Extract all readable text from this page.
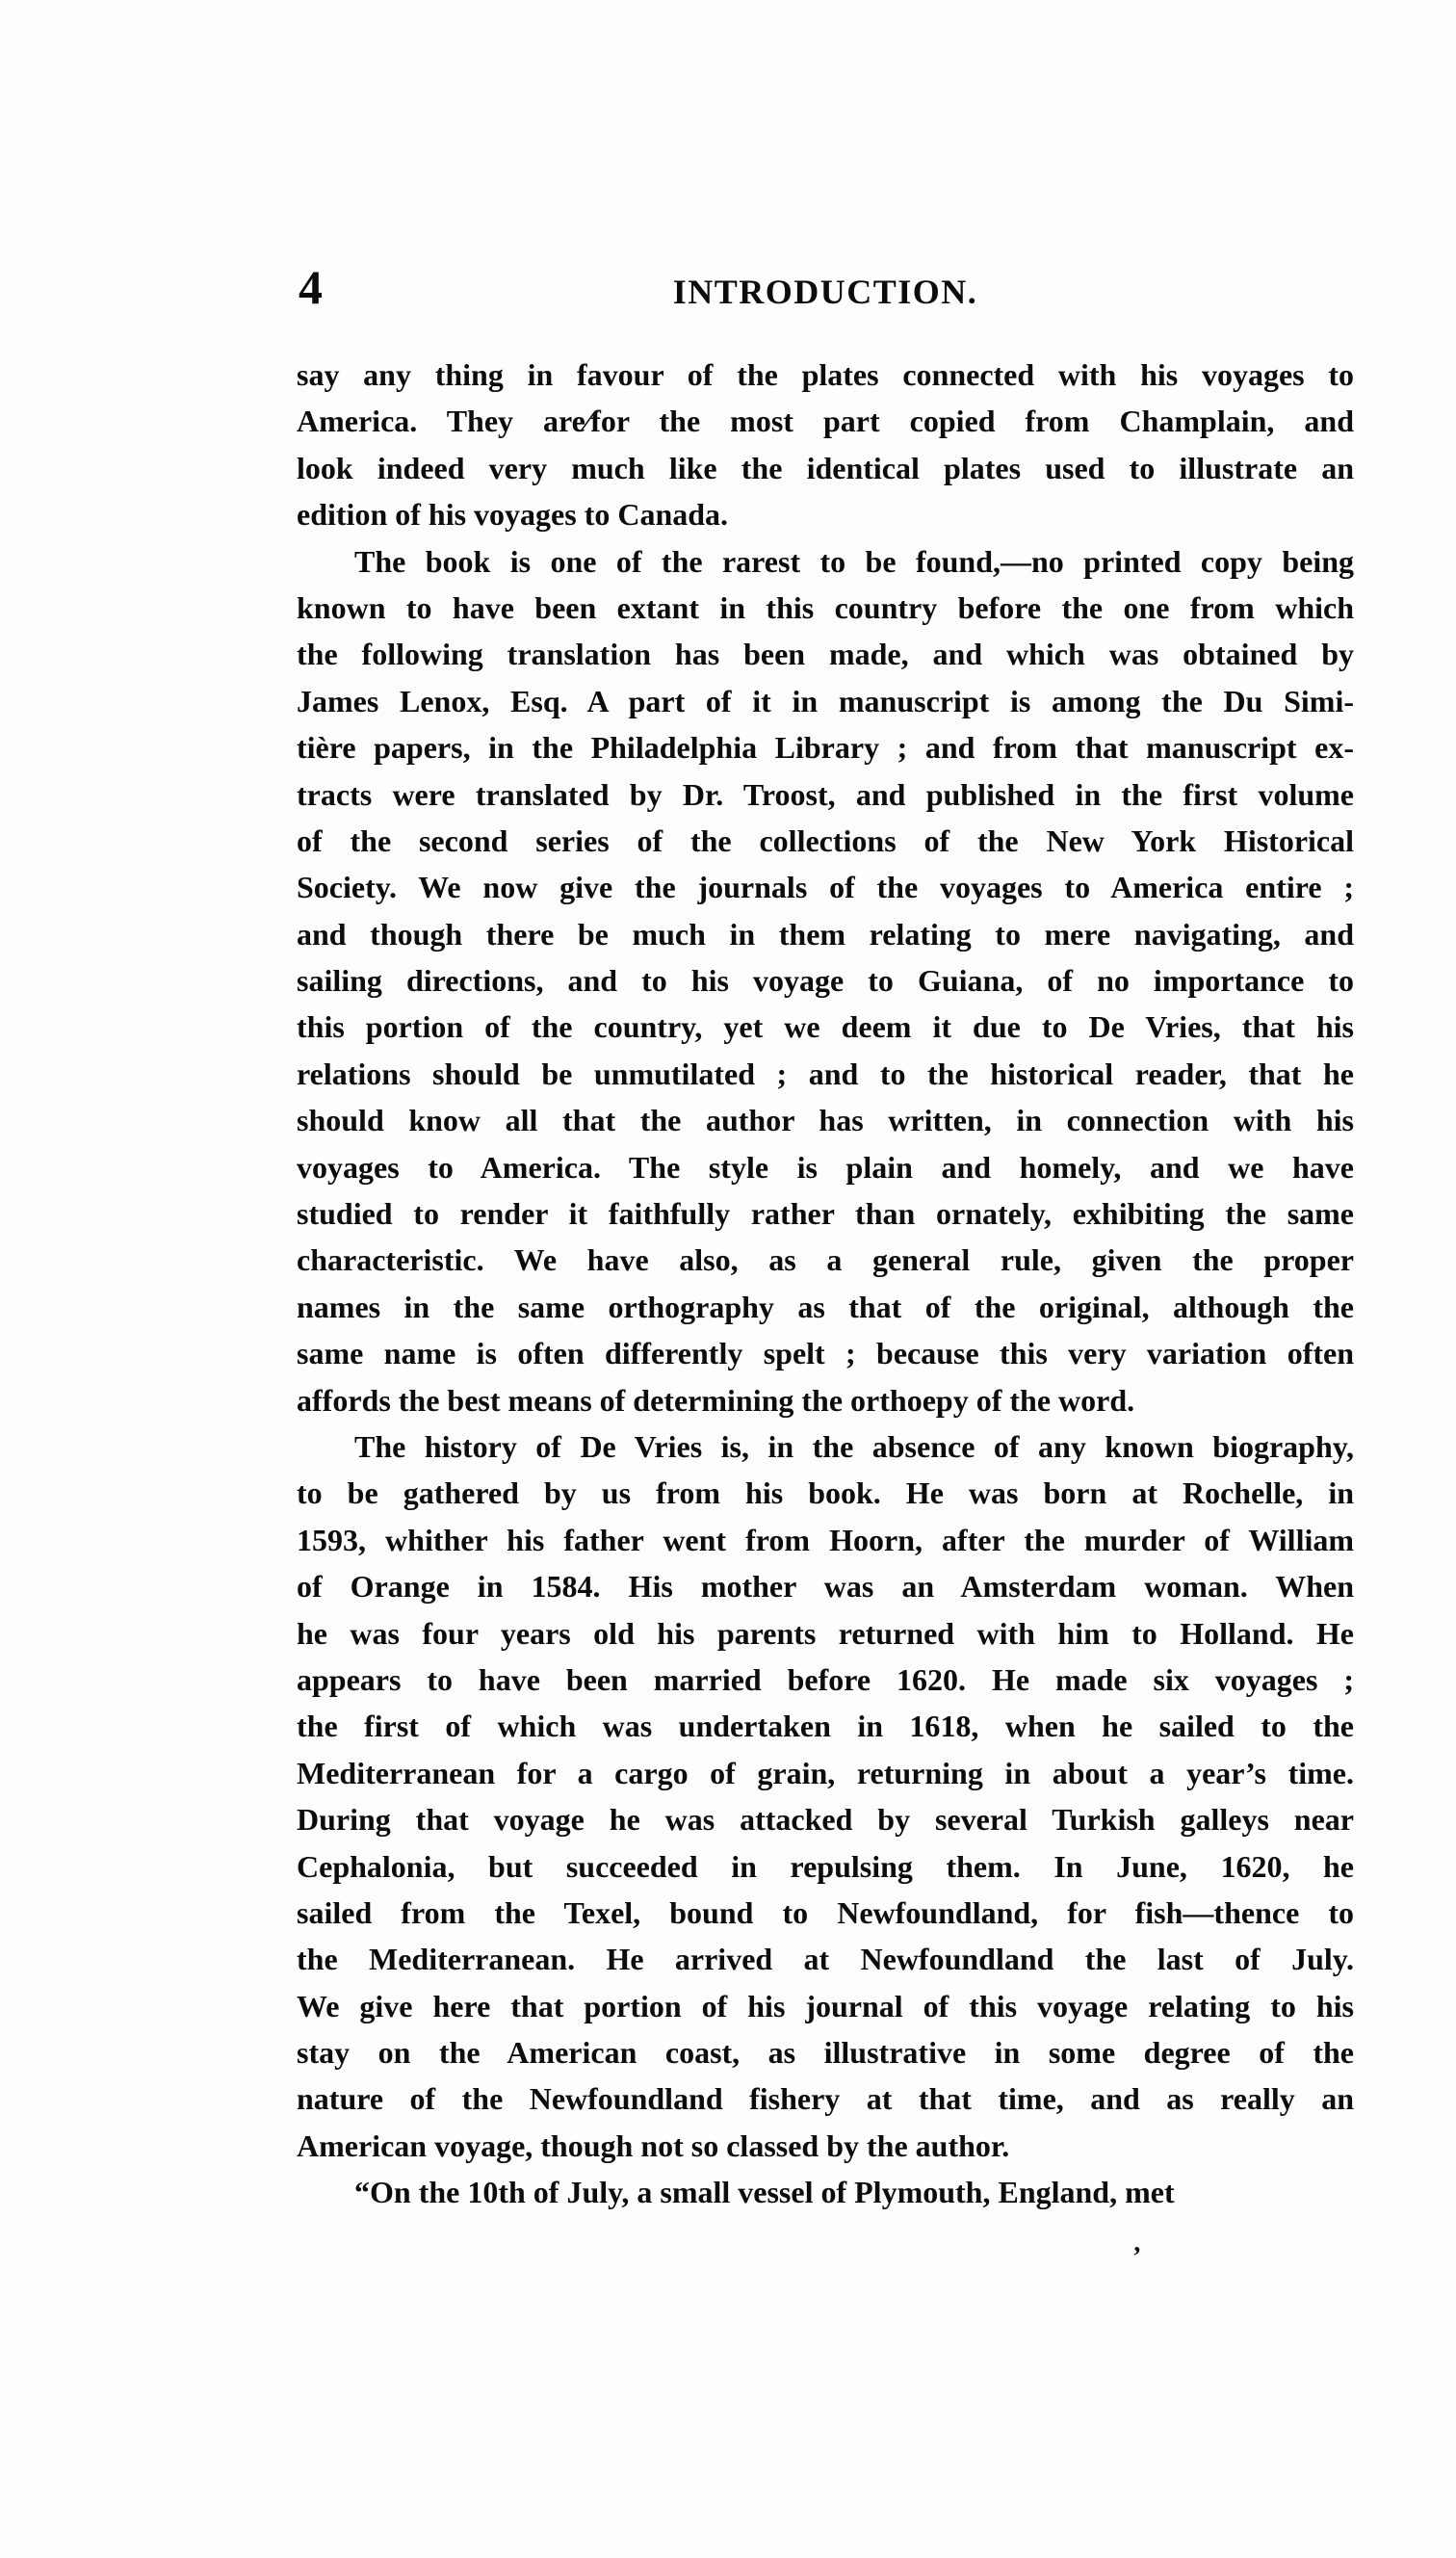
4	INTRODUCTION.
say any thing in favour of the plates connected with his voyages to
America. They are⁄for the most part copied from Champlain, and
look indeed very much like the identical plates used to illustrate an
edition of his voyages to Canada.
The book is one of the rarest to be found,—no printed copy being
known to have been extant in this country before the one from which
the following translation has been made, and which was obtained by
James Lenox, Esq. A part of it in manuscript is among the Du Simi-
tière papers, in the Philadelphia Library ; and from that manuscript ex-
tracts were translated by Dr. Troost, and published in the first volume
of the second series of the collections of the New York Historical
Society. We now give the journals of the voyages to America entire ;
and though there be much in them relating to mere navigating, and
sailing directions, and to his voyage to Guiana, of no importance to
this portion of the country, yet we deem it due to De Vries, that his
relations should be unmutilated ; and to the historical reader, that he
should know all that the author has written, in connection with his
voyages to America. The style is plain and homely, and we have
studied to render it faithfully rather than ornately, exhibiting the same
characteristic. We have also, as a general rule, given the proper
names in the same orthography as that of the original, although the
same name is often differently spelt ; because this very variation often
affords the best means of determining the orthoepy of the word.
The history of De Vries is, in the absence of any known biography,
to be gathered by us from his book. He was born at Rochelle, in
1593, whither his father went from Hoorn, after the murder of William
of Orange in 1584. His mother was an Amsterdam woman. When
he was four years old his parents returned with him to Holland. He
appears to have been married before 1620. He made six voyages ;
the first of which was undertaken in 1618, when he sailed to the
Mediterranean for a cargo of grain, returning in about a year’s time.
During that voyage he was attacked by several Turkish galleys near
Cephalonia, but succeeded in repulsing them. In June, 1620, he
sailed from the Texel, bound to Newfoundland, for fish—thence to
the Mediterranean. He arrived at Newfoundland the last of July.
We give here that portion of his journal of this voyage relating to his
stay on the American coast, as illustrative in some degree of the
nature of the Newfoundland fishery at that time, and as really an
American voyage, though not so classed by the author.
“On the 10th of July, a small vessel of Plymouth, England, met
’
